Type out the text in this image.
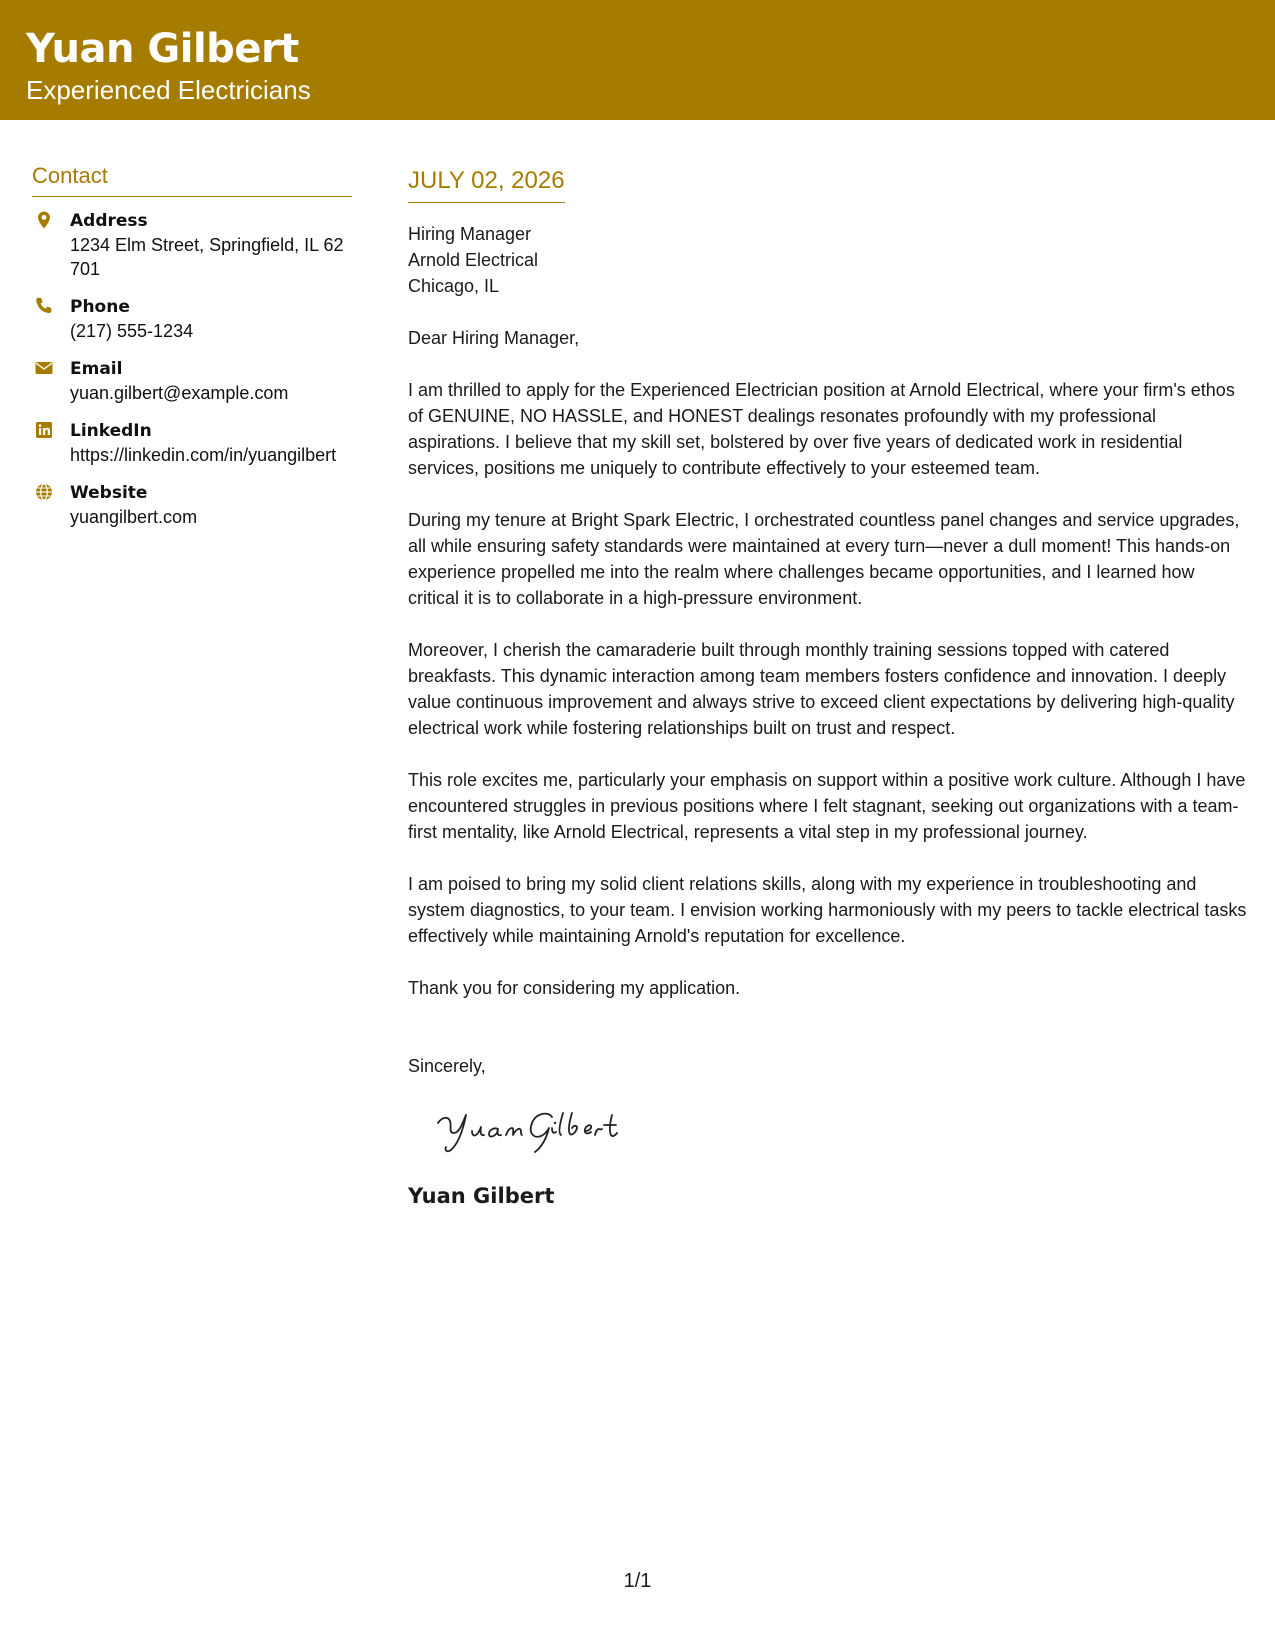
Yuan Gilbert
Experienced Electricians
Contact
Address
1234 Elm Street, Springfield, IL 62701
Phone
(217) 555-1234
Email
yuan.gilbert@example.com
LinkedIn
https://linkedin.com/in/yuangilbert
Website
yuangilbert.com
JULY 02, 2026
Hiring Manager
Arnold Electrical
Chicago, IL
Dear Hiring Manager,

I am thrilled to apply for the Experienced Electrician position at Arnold Electrical, where your firm's ethos of GENUINE, NO HASSLE, and HONEST dealings resonates profoundly with my professional aspirations. I believe that my skill set, bolstered by over five years of dedicated work in residential services, positions me uniquely to contribute effectively to your esteemed team.

During my tenure at Bright Spark Electric, I orchestrated countless panel changes and service upgrades, all while ensuring safety standards were maintained at every turn—never a dull moment! This hands-on experience propelled me into the realm where challenges became opportunities, and I learned how critical it is to collaborate in a high-pressure environment.

Moreover, I cherish the camaraderie built through monthly training sessions topped with catered breakfasts. This dynamic interaction among team members fosters confidence and innovation. I deeply value continuous improvement and always strive to exceed client expectations by delivering high-quality electrical work while fostering relationships built on trust and respect.

This role excites me, particularly your emphasis on support within a positive work culture. Although I have encountered struggles in previous positions where I felt stagnant, seeking out organizations with a team-first mentality, like Arnold Electrical, represents a vital step in my professional journey.

I am poised to bring my solid client relations skills, along with my experience in troubleshooting and system diagnostics, to your team. I envision working harmoniously with my peers to tackle electrical tasks effectively while maintaining Arnold's reputation for excellence.

Thank you for considering my application.

Sincerely,
Yuan Gilbert
1/1
